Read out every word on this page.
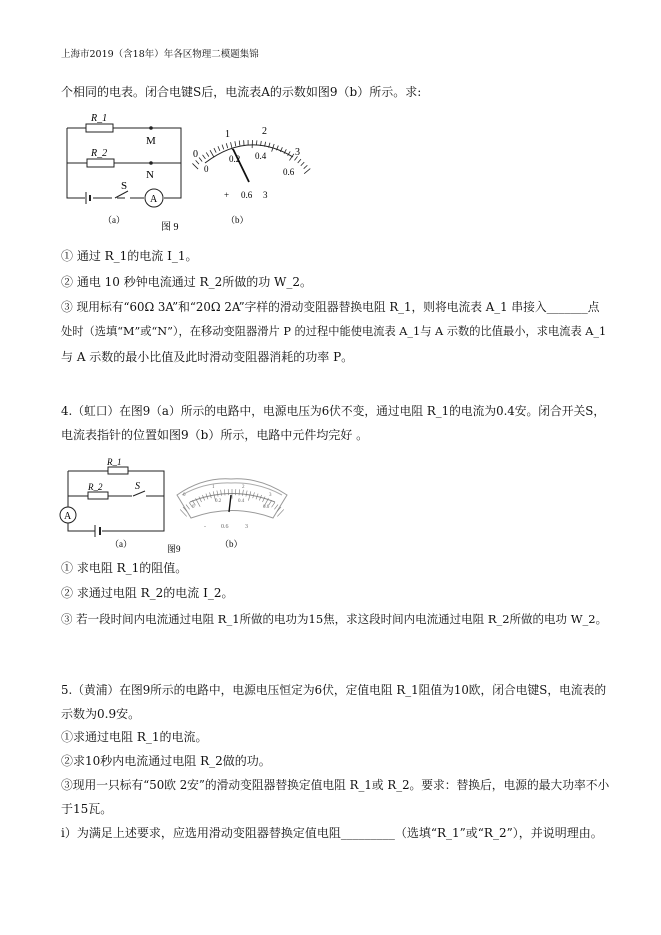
上海市2019（含18年）年各区物理二模题集锦
个相同的电表。闭合电键S后，电流表A的示数如图9（b）所示。求:
R_1
R_2
M
N
S
A
（a）
图 9
0
1	2
3
0
0.2 0.4
0.6
+ 0.6 3
（b）
① 通过 R_1的电流 I_1。
② 通电 10 秒钟电流通过 R_2所做的功 W_2。
③ 现用标有“60Ω 3A”和“20Ω 2A”字样的滑动变阻器替换电阻 R_1，则将电流表 A_1 串接入_______点
处时（选填“M”或“N”），在移动变阻器滑片 P 的过程中能使电流表 A_1与 A 示数的比值最小，求电流表 A_1
与 A 示数的最小比值及此时滑动变阻器消耗的功率 P。
4.（虹口）在图9（a）所示的电路中，电源电压为6伏不变，通过电阻 R_1的电流为0.4安。闭合开关S，
电流表指针的位置如图9（b）所示，电路中元件均完好 。
R_1
R_2	S
A
（a）	图9
0
1	2
3
0
0.2	0.4
0.6
-	0.6	3
（b）
① 求电阻 R_1的阻值。
② 求通过电阻 R_2的电流 I_2。
③ 若一段时间内电流通过电阻 R_1所做的电功为15焦，求这段时间内电流通过电阻 R_2所做的电功 W_2。
5.（黄浦）在图9所示的电路中，电源电压恒定为6伏，定值电阻 R_1阻值为10欧，闭合电键S，电流表的
示数为0.9安。
①求通过电阻 R_1的电流。
②求10秒内电流通过电阻 R_2做的功。
③现用一只标有“50欧 2安”的滑动变阻器替换定值电阻 R_1或 R_2。要求：替换后，电源的最大功率不小
于15瓦。
i）为满足上述要求，应选用滑动变阻器替换定值电阻_________（选填“R_1”或“R_2”），并说明理由。
